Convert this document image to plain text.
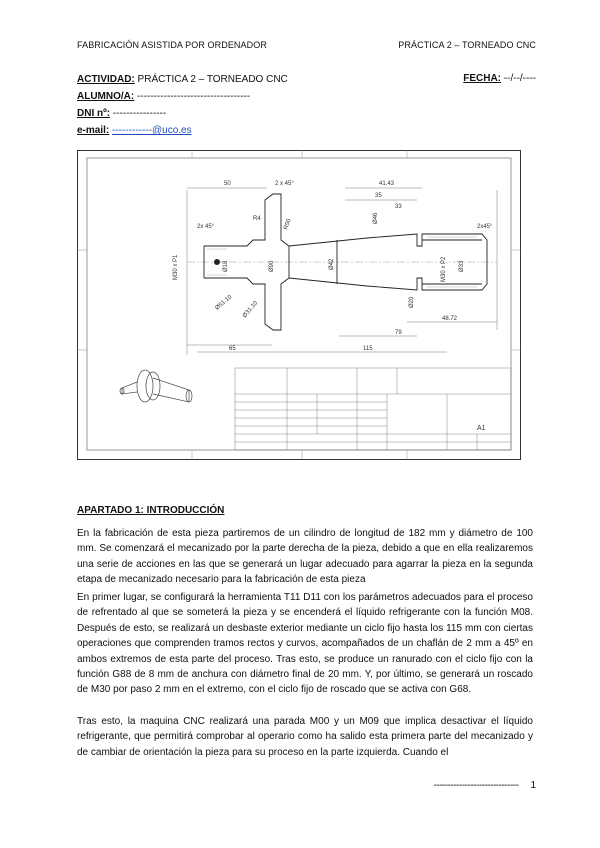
FABRICACIÓN ASISTIDA POR ORDENADOR	PRÁCTICA 2 – TORNEADO CNC
ACTIVIDAD: PRÁCTICA 2 – TORNEADO CNC	FECHA: --/--/----
ALUMNO/A: ----------------------------------
DNI nº: ----------------
e-mail: ------------@uco.es
50	2 x 45°	41.43
35
33
2x 45°	2x45°
R4	R50
M30 x P1	Ø18	Ø90	Ø42
Ø46
Ø20
M30 x P2 Ø33
Ø51.10 Ø31.10	48.72
79
65	115
A1
APARTADO 1: INTRODUCCIÓN
En la fabricación de esta pieza partiremos de un cilindro de longitud de 182 mm y diámetro de 100 mm. Se comenzará el mecanizado por la parte derecha de la pieza, debido a que en ella realizaremos una serie de acciones en las que se generará un lugar adecuado para agarrar la pieza en la segunda etapa de mecanizado necesario para la fabricación de esta pieza
En primer lugar, se configurará la herramienta T11 D11 con los parámetros adecuados para el proceso de refrentado al que se someterá la pieza y se encenderá el líquido refrigerante con la función M08. Después de esto, se realizará un desbaste exterior mediante un ciclo fijo hasta los 115 mm con ciertas operaciones que comprenden tramos rectos y curvos, acompañados de un chaflán de 2 mm a 45º en ambos extremos de esta parte del proceso. Tras esto, se produce un ranurado con el ciclo fijo con la función G88 de 8 mm de anchura con diámetro final de 20 mm. Y, por último, se generará un roscado de M30 por paso 2 mm en el extremo, con el ciclo fijo de roscado que se activa con G68.
Tras esto, la maquina CNC realizará una parada M00 y un M09 que implica desactivar el líquido refrigerante, que permitirá comprobar al operario como ha salido esta primera parte del mecanizado y de cambiar de orientación la pieza para su proceso en la parte izquierda. Cuando el
------------------------------ 1
